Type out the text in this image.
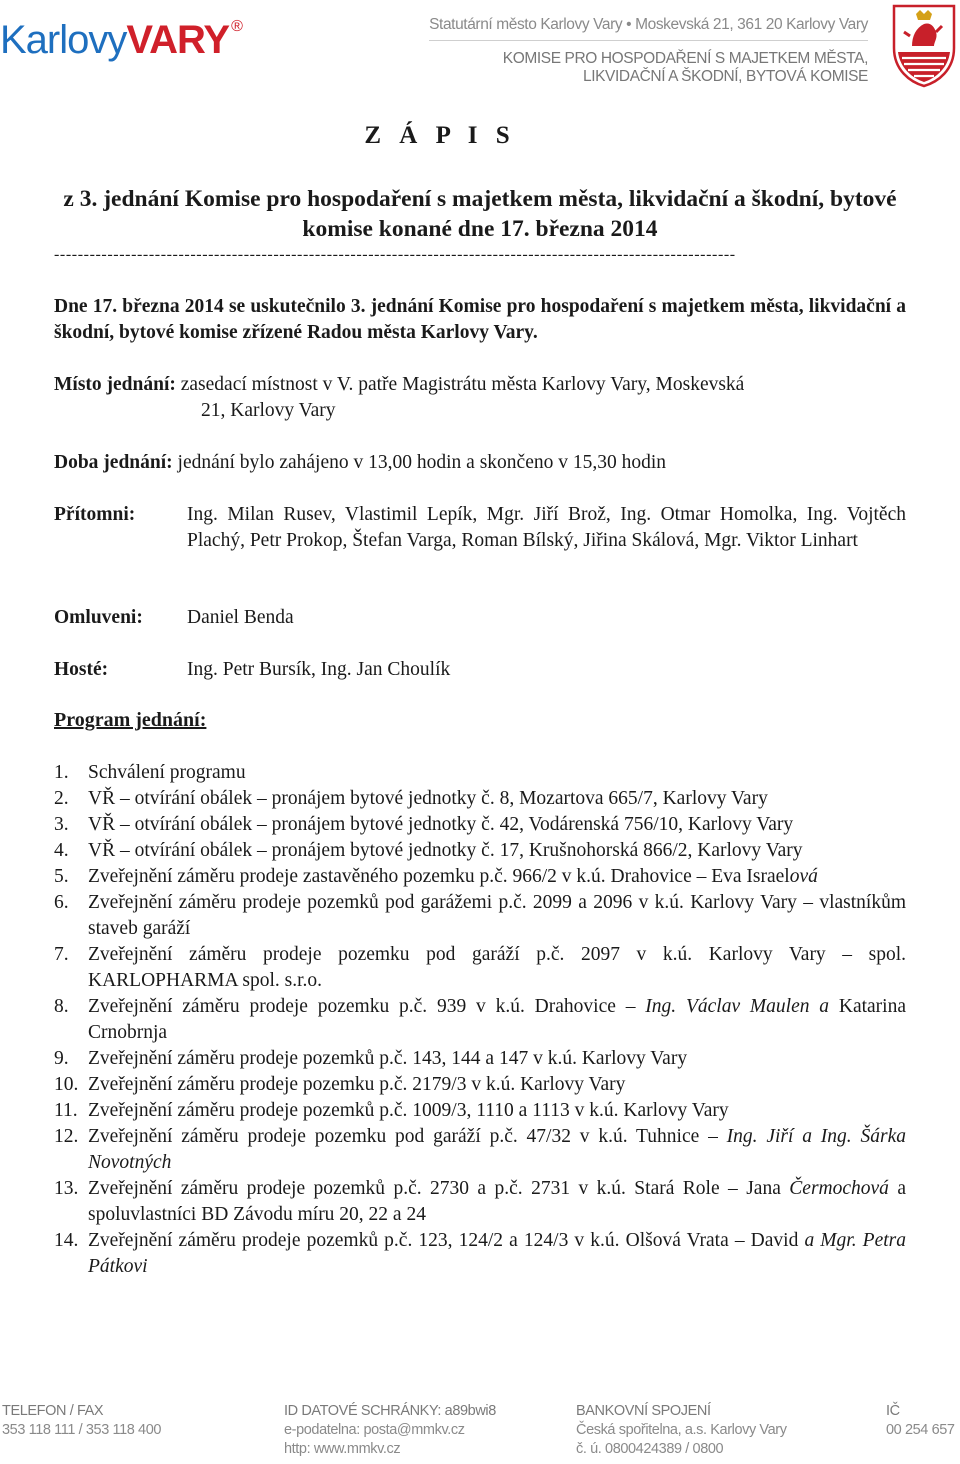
KarlovyVARY ®	Statutární město Karlovy Vary • Moskevská 21, 361 20 Karlovy Vary
KOMISE PRO HOSPODAŘENÍ S MAJETKEM MĚSTA,
LIKVIDAČNÍ A ŠKODNÍ, BYTOVÁ KOMISE
Z Á P I S
z 3. jednání Komise pro hospodaření s majetkem města, likvidační a škodní, bytové komise konané dne 17. března 2014
-------------------------------------------------------------------------------------------------------------------
Dne 17. března 2014 se uskutečnilo 3. jednání Komise pro hospodaření s majetkem města, likvidační a škodní, bytové komise zřízené Radou města Karlovy Vary.
Místo jednání: zasedací místnost v V. patře Magistrátu města Karlovy Vary, Moskevská
21, Karlovy Vary
Doba jednání: jednání bylo zahájeno v 13,00 hodin a skončeno v 15,30 hodin
Přítomni:	Ing. Milan Rusev, Vlastimil Lepík, Mgr. Jiří Brož, Ing. Otmar Homolka, Ing. Vojtěch Plachý, Petr Prokop, Štefan Varga, Roman Bílský, Jiřina Skálová, Mgr. Viktor Linhart
Omluveni: Daniel Benda
Hosté:	Ing. Petr Bursík, Ing. Jan Choulík
Program jednání:
1. Schválení programu
2. VŘ – otvírání obálek – pronájem bytové jednotky č. 8, Mozartova 665/7, Karlovy Vary
3. VŘ – otvírání obálek – pronájem bytové jednotky č. 42, Vodárenská 756/10, Karlovy Vary
4. VŘ – otvírání obálek – pronájem bytové jednotky č. 17, Krušnohorská 866/2, Karlovy Vary
5. Zveřejnění záměru prodeje zastavěného pozemku p.č. 966/2 v k.ú. Drahovice – Eva Israelová
6. Zveřejnění záměru prodeje pozemků pod garážemi p.č. 2099 a 2096 v k.ú. Karlovy Vary – vlastníkům staveb garáží
7. Zveřejnění záměru prodeje pozemku pod garáží p.č. 2097 v k.ú. Karlovy Vary – spol. KARLOPHARMA spol. s.r.o.
8. Zveřejnění záměru prodeje pozemku p.č. 939 v k.ú. Drahovice – Ing. Václav Maulen a Katarina Crnobrnja
9. Zveřejnění záměru prodeje pozemků p.č. 143, 144 a 147 v k.ú. Karlovy Vary
10. Zveřejnění záměru prodeje pozemku p.č. 2179/3 v k.ú. Karlovy Vary
11. Zveřejnění záměru prodeje pozemků p.č. 1009/3, 1110 a 1113 v k.ú. Karlovy Vary
12. Zveřejnění záměru prodeje pozemku pod garáží p.č. 47/32 v k.ú. Tuhnice – Ing. Jiří a Ing. Šárka Novotných
13. Zveřejnění záměru prodeje pozemků p.č. 2730 a p.č. 2731 v k.ú. Stará Role – Jana Čermochová a spoluvlastníci BD Závodu míru 20, 22 a 24
14. Zveřejnění záměru prodeje pozemků p.č. 123, 124/2 a 124/3 v k.ú. Olšová Vrata – David a Mgr. Petra Pátkovi
TELEFON / FAX
353 118 111 / 353 118 400
ID DATOVÉ SCHRÁNKY: a89bwi8
e-podatelna: posta@mmkv.cz
http: www.mmkv.cz
BANKOVNÍ SPOJENÍ
Česká spořitelna, a.s. Karlovy Vary
č. ú. 0800424389 / 0800
IČ
00 254 657
